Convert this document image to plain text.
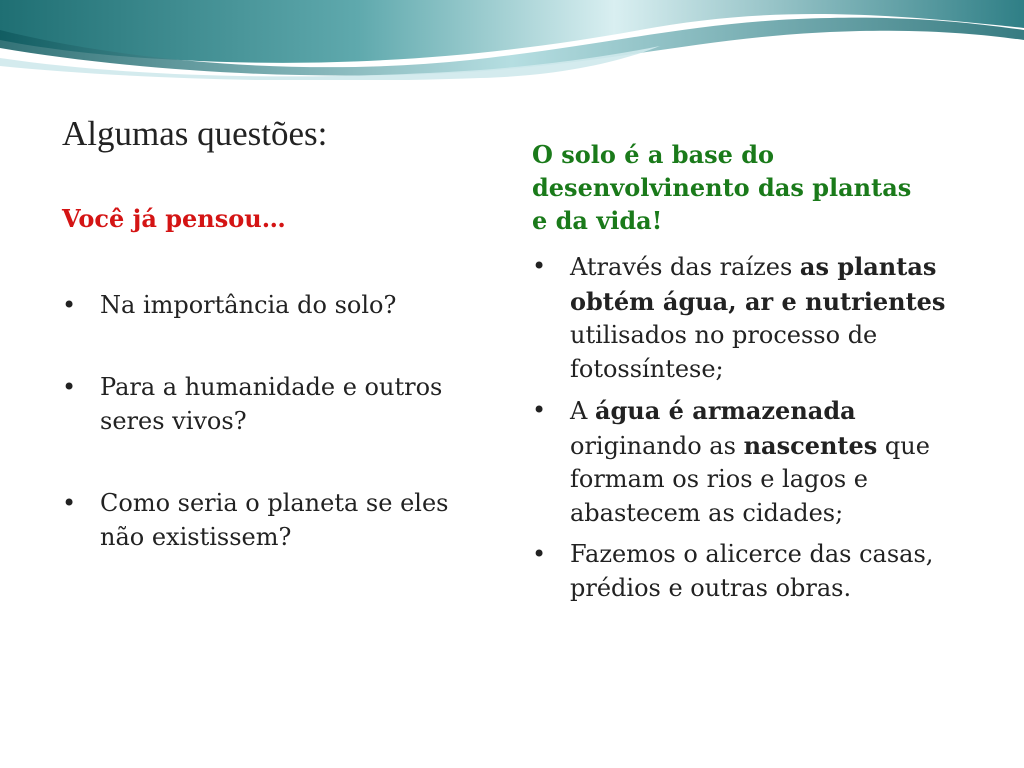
Algumas questões:
Você já pensou…
• Na importância do solo?
• Para a humanidade e outros seres vivos?
• Como seria o planeta se eles não existissem?
O solo é a base do
desenvolvinento das plantas
e da vida!
• Através das raízes as plantas obtém água, ar e nutrientes utilisados no processo de fotossíntese;
• A água é armazenada originando as nascentes que formam os rios e lagos e abastecem as cidades;
• Fazemos o alicerce das casas, prédios e outras obras.
